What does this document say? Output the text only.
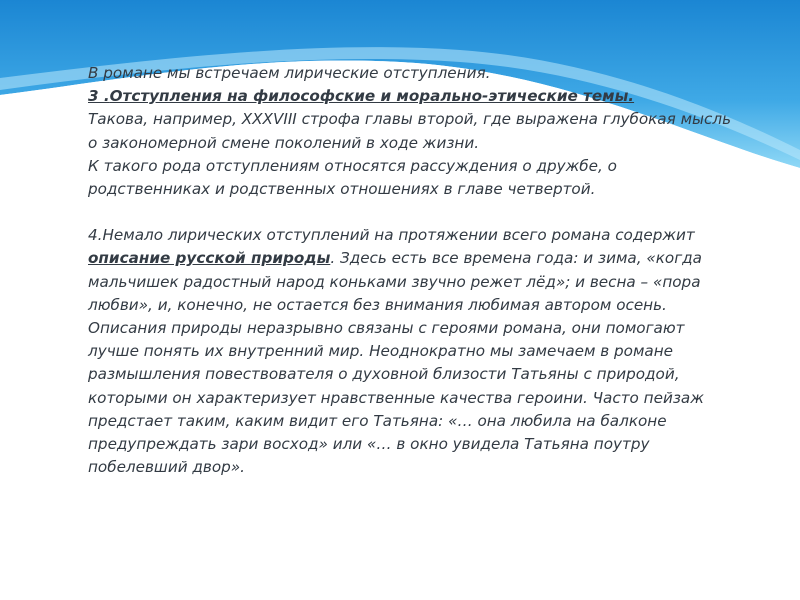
В романе мы встречаем лирические отступления.

3 .Отступления на философские и морально-этические темы.

Такова, например, XXXVIII строфа главы второй, где выражена глубокая мысль о закономерной смене поколений в ходе жизни.

К такого рода отступлениям относятся рассуждения о дружбе, о родственниках и родственных отношениях в главе четвертой.

4.Немало лирических отступлений на протяжении всего романа содержит описание русской природы. Здесь есть все времена года: и зима, «когда мальчишек радостный народ коньками звучно режет лёд»; и весна – «пора любви», и, конечно, не остается без внимания любимая автором осень.

Описания природы неразрывно связаны с героями романа, они помогают лучше понять их внутренний мир. Неоднократно мы замечаем в романе размышления повествователя о духовной близости Татьяны с природой, которыми он характеризует нравственные качества героини. Часто пейзаж предстает таким, каким видит его Татьяна: «… она любила на балконе предупреждать зари восход» или «… в окно увидела Татьяна поутру побелевший двор».
